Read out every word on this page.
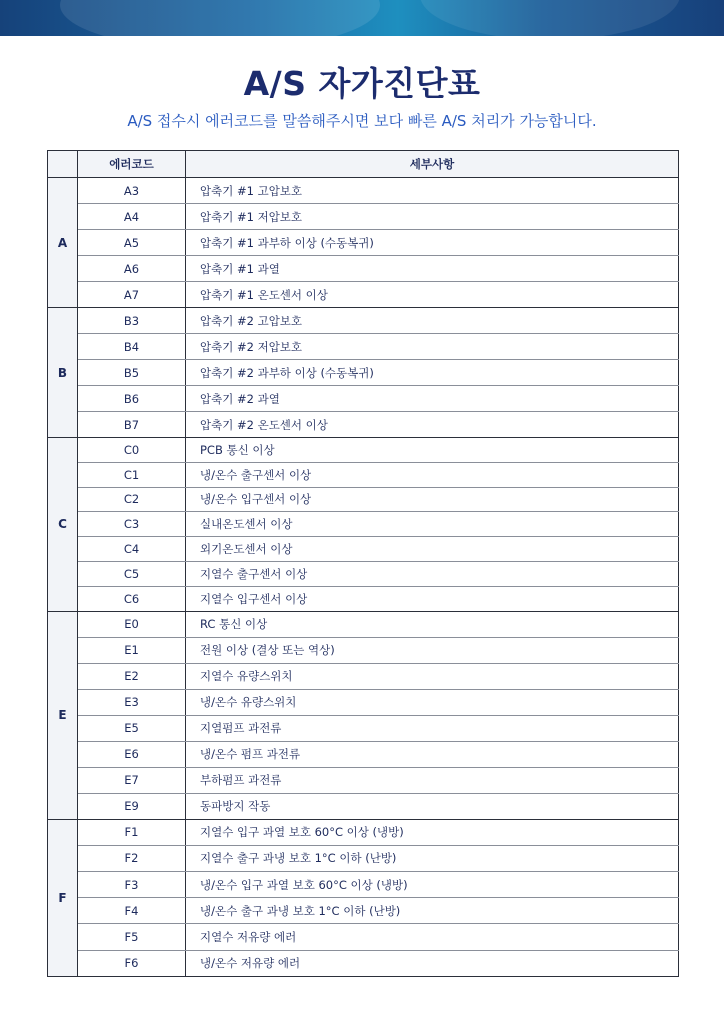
A/S 자가진단표
A/S 접수시 에러코드를 말씀해주시면 보다 빠른 A/S 처리가 가능합니다.
	에러코드	세부사항
A	A3	압축기 #1 고압보호
	A4	압축기 #1 저압보호
	A5	압축기 #1 과부하 이상 (수동복귀)
	A6	압축기 #1 과열
	A7	압축기 #1 온도센서 이상
B	B3	압축기 #2 고압보호
	B4	압축기 #2 저압보호
	B5	압축기 #2 과부하 이상 (수동복귀)
	B6	압축기 #2 과열
	B7	압축기 #2 온도센서 이상
C	C0	PCB 통신 이상
	C1	냉/온수 출구센서 이상
	C2	냉/온수 입구센서 이상
	C3	실내온도센서 이상
	C4	외기온도센서 이상
	C5	지열수 출구센서 이상
	C6	지열수 입구센서 이상
E	E0	RC 통신 이상
	E1	전원 이상 (결상 또는 역상)
	E2	지열수 유량스위치
	E3	냉/온수 유량스위치
	E5	지열펌프 과전류
	E6	냉/온수 펌프 과전류
	E7	부하펌프 과전류
	E9	동파방지 작동
F	F1	지열수 입구 과열 보호 60°C 이상 (냉방)
	F2	지열수 출구 과냉 보호 1°C 이하 (난방)
	F3	냉/온수 입구 과열 보호 60°C 이상 (냉방)
	F4	냉/온수 출구 과냉 보호 1°C 이하 (난방)
	F5	지열수 저유량 에러
	F6	냉/온수 저유량 에러
